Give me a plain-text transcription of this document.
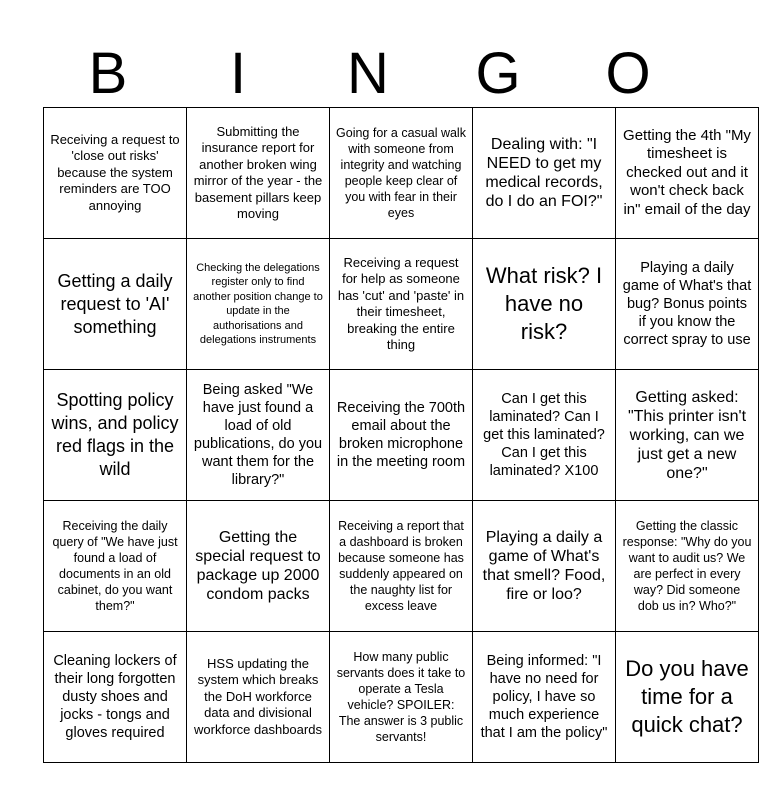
B	I	N	G	O
Receiving a request to 'close out risks' because the system reminders are TOO annoying	Submitting the insurance report for another broken wing mirror of the year - the basement pillars keep moving	Going for a casual walk with someone from integrity and watching people keep clear of you with fear in their eyes	Dealing with: "I NEED to get my medical records, do I do an FOI?"	Getting the 4th "My timesheet is checked out and it won't check back in" email of the day
Getting a daily request to 'AI' something	Checking the delegations register only to find another position change to update in the authorisations and delegations instruments	Receiving a request for help as someone has 'cut' and 'paste' in their timesheet, breaking the entire thing	What risk? I have no risk?	Playing a daily game of What's that bug? Bonus points if you know the correct spray to use
Spotting policy wins, and policy red flags in the wild	Being asked "We have just found a load of old publications, do you want them for the library?"	Receiving the 700th email about the broken microphone in the meeting room	Can I get this laminated? Can I get this laminated? Can I get this laminated? X100	Getting asked: "This printer isn't working, can we just get a new one?"
Receiving the daily query of "We have just found a load of documents in an old cabinet, do you want them?"	Getting the special request to package up 2000 condom packs	Receiving a report that a dashboard is broken because someone has suddenly appeared on the naughty list for excess leave	Playing a daily a game of What's that smell? Food, fire or loo?	Getting the classic response: "Why do you want to audit us? We are perfect in every way? Did someone dob us in? Who?"
Cleaning lockers of their long forgotten dusty shoes and jocks - tongs and gloves required	HSS updating the system which breaks the DoH workforce data and divisional workforce dashboards	How many public servants does it take to operate a Tesla vehicle? SPOILER: The answer is 3 public servants!	Being informed: "I have no need for policy, I have so much experience that I am the policy"	Do you have time for a quick chat?
